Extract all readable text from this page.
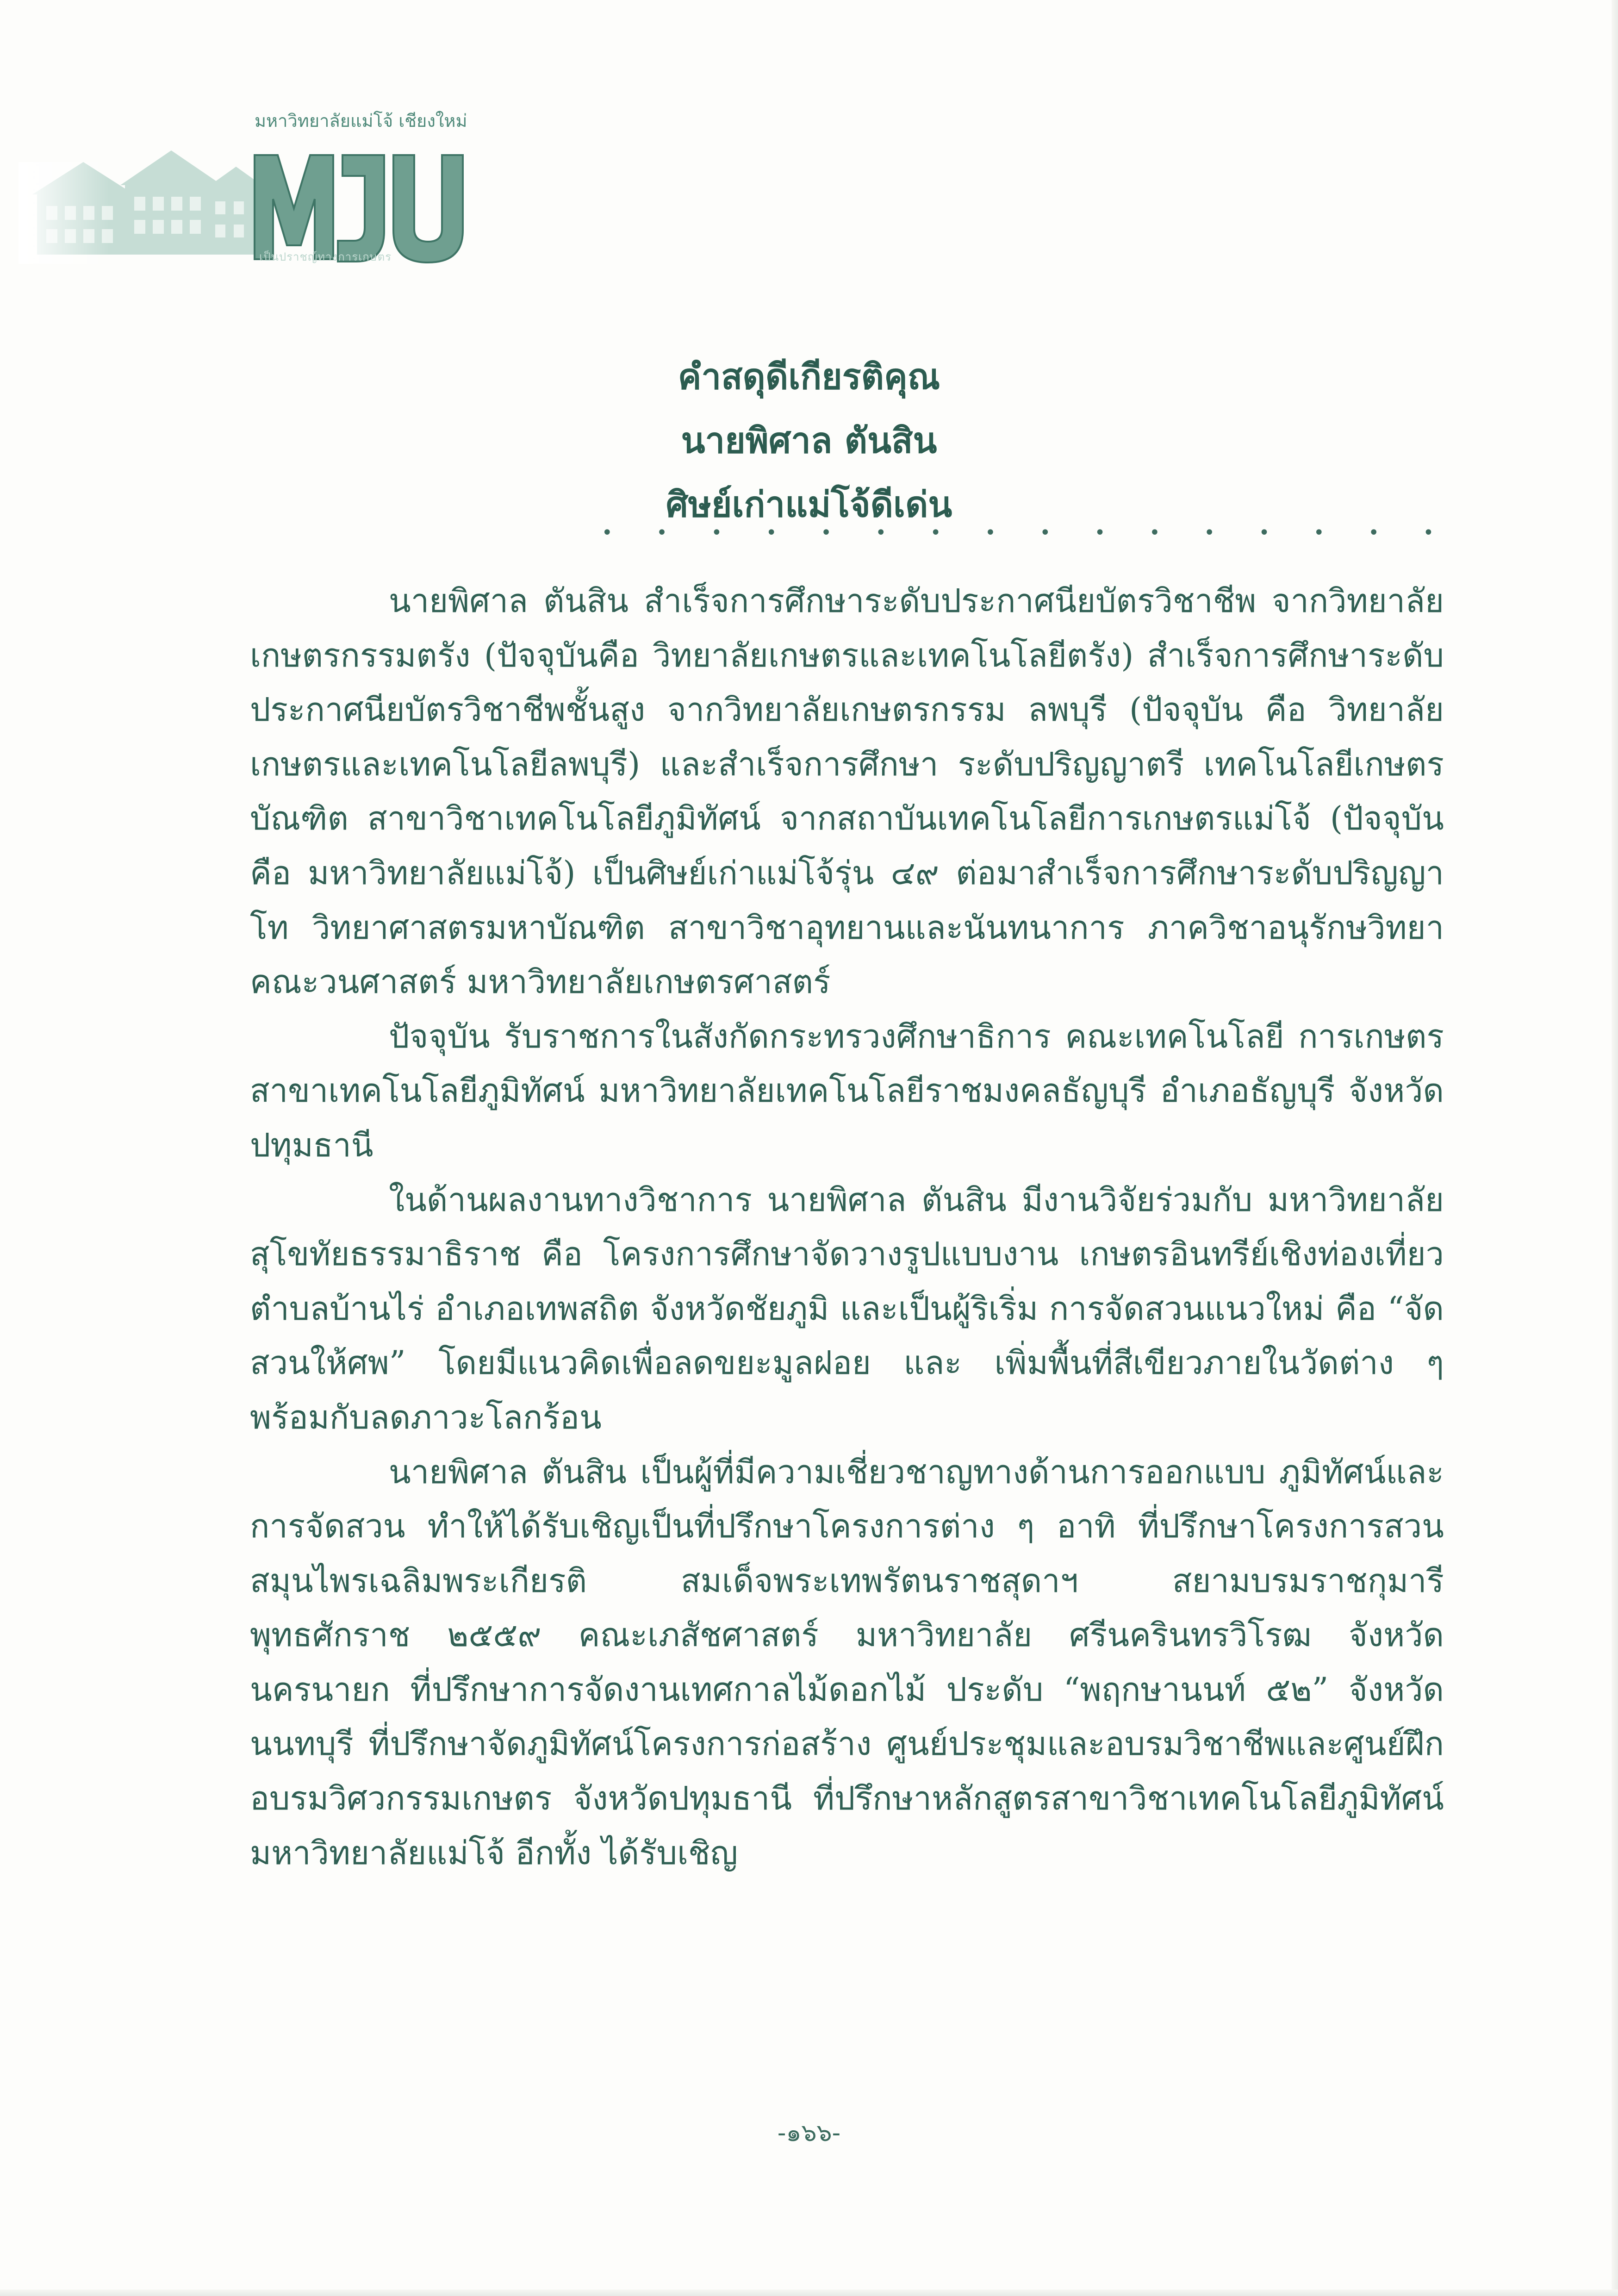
มหาวิทยาลัยแม่โจ้ เชียงใหม่
เป็นปราชญ์ทางการเกษตร
คำสดุดีเกียรติคุณ
นายพิศาล ตันสิน
ศิษย์เก่าแม่โจ้ดีเด่น
• • • • • • • • • • • • • • • •

นายพิศาล ตันสิน สำเร็จการศึกษาระดับประกาศนียบัตรวิชาชีพ จากวิทยาลัยเกษตรกรรมตรัง (ปัจจุบันคือ วิทยาลัยเกษตรและเทคโนโลยีตรัง) สำเร็จการศึกษาระดับประกาศนียบัตรวิชาชีพชั้นสูง จากวิทยาลัยเกษตรกรรม ลพบุรี (ปัจจุบัน คือ วิทยาลัยเกษตรและเทคโนโลยีลพบุรี) และสำเร็จการศึกษา ระดับปริญญาตรี เทคโนโลยีเกษตรบัณฑิต สาขาวิชาเทคโนโลยีภูมิทัศน์ จากสถาบันเทคโนโลยีการเกษตรแม่โจ้ (ปัจจุบันคือ มหาวิทยาลัยแม่โจ้) เป็นศิษย์เก่าแม่โจ้รุ่น ๔๙ ต่อมาสำเร็จการศึกษาระดับปริญญาโท วิทยาศาสตรมหาบัณฑิต สาขาวิชาอุทยานและนันทนาการ ภาควิชาอนุรักษวิทยา คณะวนศาสตร์ มหาวิทยาลัยเกษตรศาสตร์

ปัจจุบัน รับราชการในสังกัดกระทรวงศึกษาธิการ คณะเทคโนโลยี การเกษตร สาขาเทคโนโลยีภูมิทัศน์ มหาวิทยาลัยเทคโนโลยีราชมงคลธัญบุรี อำเภอธัญบุรี จังหวัดปทุมธานี

ในด้านผลงานทางวิชาการ นายพิศาล ตันสิน มีงานวิจัยร่วมกับ มหาวิทยาลัยสุโขทัยธรรมาธิราช คือ โครงการศึกษาจัดวางรูปแบบงาน เกษตรอินทรีย์เชิงท่องเที่ยว ตำบลบ้านไร่ อำเภอเทพสถิต จังหวัดชัยภูมิ และเป็นผู้ริเริ่ม การจัดสวนแนวใหม่ คือ “จัดสวนให้ศพ” โดยมีแนวคิดเพื่อลดขยะมูลฝอย และ เพิ่มพื้นที่สีเขียวภายในวัดต่าง ๆ พร้อมกับลดภาวะโลกร้อน

นายพิศาล ตันสิน เป็นผู้ที่มีความเชี่ยวชาญทางด้านการออกแบบ ภูมิทัศน์และการจัดสวน ทำให้ได้รับเชิญเป็นที่ปรึกษาโครงการต่าง ๆ อาทิ ที่ปรึกษาโครงการสวนสมุนไพรเฉลิมพระเกียรติ สมเด็จพระเทพรัตนราชสุดาฯ สยามบรมราชกุมารี พุทธศักราช ๒๕๕๙ คณะเภสัชศาสตร์ มหาวิทยาลัย ศรีนครินทรวิโรฒ จังหวัดนครนายก ที่ปรึกษาการจัดงานเทศกาลไม้ดอกไม้ ประดับ “พฤกษานนท์ ๕๒” จังหวัดนนทบุรี ที่ปรึกษาจัดภูมิทัศน์โครงการก่อสร้าง ศูนย์ประชุมและอบรมวิชาชีพและศูนย์ฝึกอบรมวิศวกรรมเกษตร จังหวัดปทุมธานี ที่ปรึกษาหลักสูตรสาขาวิชาเทคโนโลยีภูมิทัศน์ มหาวิทยาลัยแม่โจ้ อีกทั้ง ได้รับเชิญ

-๑๖๖-
